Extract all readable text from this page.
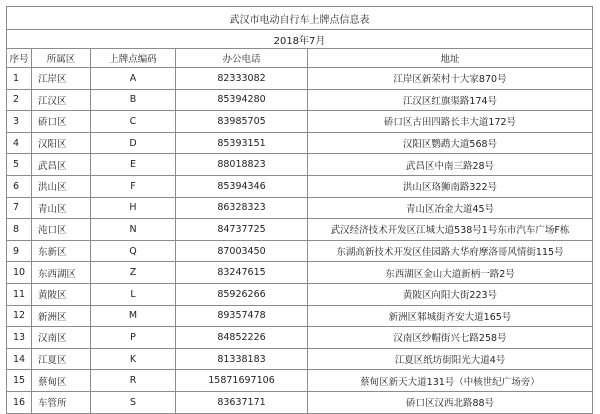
武汉市电动自行车上牌点信息表				
2018年7月				
序号	所属区	上牌点编码	办公电话	地址
1	江岸区	A	82333082	江岸区新荣村十大家870号
2	江汉区	B	85394280	江汉区红旗渠路174号
3	硚口区	C	83985705	硚口区古田四路长丰大道172号
4	汉阳区	D	85393151	汉阳区鹦鹉大道568号
5	武昌区	E	88018823	武昌区中南三路28号
6	洪山区	F	85394346	洪山区珞狮南路322号
7	青山区	H	86328323	青山区冶金大道45号
8	沌口区	N	84737725	武汉经济技术开发区江城大道538号1号东市汽车广场F栋
9	东新区	Q	87003450	东湖高新技术开发区佳园路大华府摩洛哥风情街115号
10	东西湖区	Z	83247615	东西湖区金山大道新柄一路2号
11	黄陂区	L	85926266	黄陂区向阳大街223号
12	新洲区	M	89357478	新洲区邾城街齐安大道165号
13	汉南区	P	84852226	汉南区纱帽街兴七路258号
14	江夏区	K	81338183	江夏区纸坊街阳光大道4号
15	蔡甸区	R	15871697106	蔡甸区新天大道131号（中核世纪广场旁）
16	车管所	S	83637171	硚口区汉西北路88号
